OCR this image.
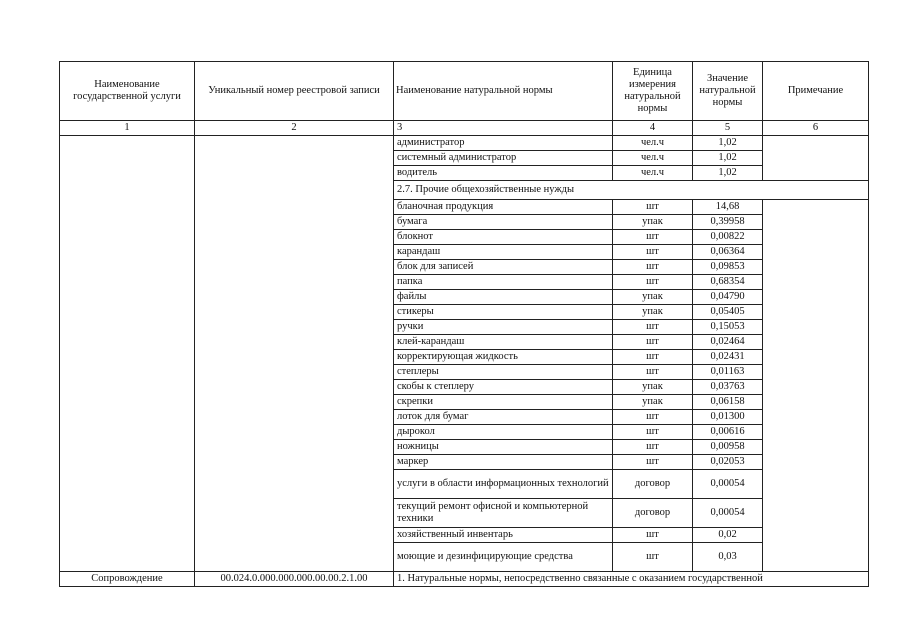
Наименование государственной услуги	Уникальный номер реестровой записи	Наименование натуральной нормы	Единица измерения натуральной нормы	Значение натуральной нормы	Примечание
1	2	3	4	5	6
		администратор	чел.ч	1,02	
		системный администратор	чел.ч	1,02	
		водитель	чел.ч	1,02	
		2.7. Прочие общехозяйственные нужды			
		бланочная продукция	шт	14,68	
		бумага	упак	0,39958	
		блокнот	шт	0,00822	
		карандаш	шт	0,06364	
		блок для записей	шт	0,09853	
		папка	шт	0,68354	
		файлы	упак	0,04790	
		стикеры	упак	0,05405	
		ручки	шт	0,15053	
		клей-карандаш	шт	0,02464	
		корректирующая жидкость	шт	0,02431	
		степлеры	шт	0,01163	
		скобы к степлеру	упак	0,03763	
		скрепки	упак	0,06158	
		лоток для бумаг	шт	0,01300	
		дырокол	шт	0,00616	
		ножницы	шт	0,00958	
		маркер	шт	0,02053	
		услуги в области информационных технологий	договор	0,00054	
		текущий ремонт офисной и компьютерной техники	договор	0,00054	
		хозяйственный инвентарь	шт	0,02	
		моющие и дезинфицирующие средства	шт	0,03	
Сопровождение	00.024.0.000.000.000.00.00.2.1.00	1. Натуральные нормы, непосредственно связанные с оказанием государственной			
